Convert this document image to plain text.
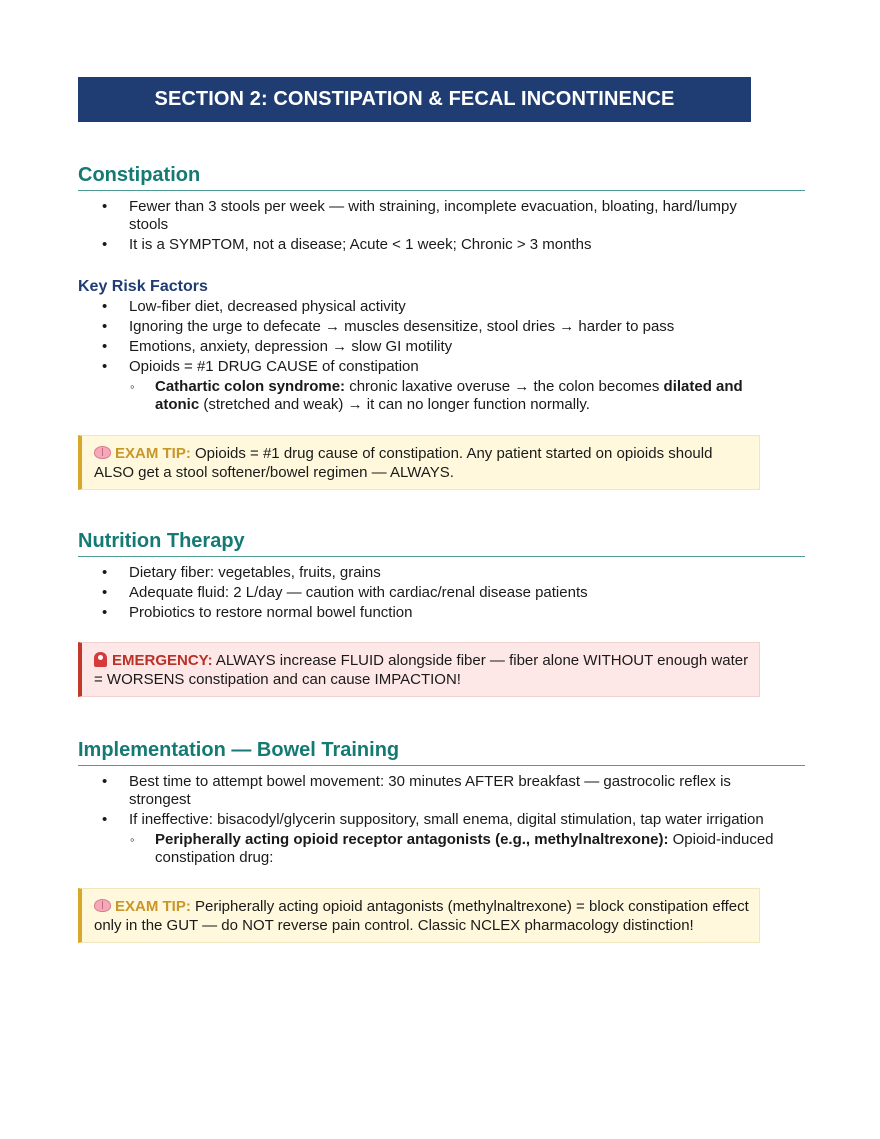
SECTION 2: CONSTIPATION & FECAL INCONTINENCE
Constipation
• Fewer than 3 stools per week — with straining, incomplete evacuation, bloating, hard/lumpy stools
• It is a SYMPTOM, not a disease; Acute < 1 week; Chronic > 3 months
Key Risk Factors
• Low-fiber diet, decreased physical activity
• Ignoring the urge to defecate → muscles desensitize, stool dries → harder to pass
• Emotions, anxiety, depression → slow GI motility
• Opioids = #1 DRUG CAUSE of constipation
◦ Cathartic colon syndrome: chronic laxative overuse → the colon becomes dilated and atonic (stretched and weak) → it can no longer function normally.
EXAM TIP: Opioids = #1 drug cause of constipation. Any patient started on opioids should ALSO get a stool softener/bowel regimen — ALWAYS.
Nutrition Therapy
• Dietary fiber: vegetables, fruits, grains
• Adequate fluid: 2 L/day — caution with cardiac/renal disease patients
• Probiotics to restore normal bowel function
EMERGENCY: ALWAYS increase FLUID alongside fiber — fiber alone WITHOUT enough water = WORSENS constipation and can cause IMPACTION!
Implementation — Bowel Training
• Best time to attempt bowel movement: 30 minutes AFTER breakfast — gastrocolic reflex is strongest
• If ineffective: bisacodyl/glycerin suppository, small enema, digital stimulation, tap water irrigation
◦ Peripherally acting opioid receptor antagonists (e.g., methylnaltrexone): Opioid-induced constipation drug:
EXAM TIP: Peripherally acting opioid antagonists (methylnaltrexone) = block constipation effect only in the GUT — do NOT reverse pain control. Classic NCLEX pharmacology distinction!
